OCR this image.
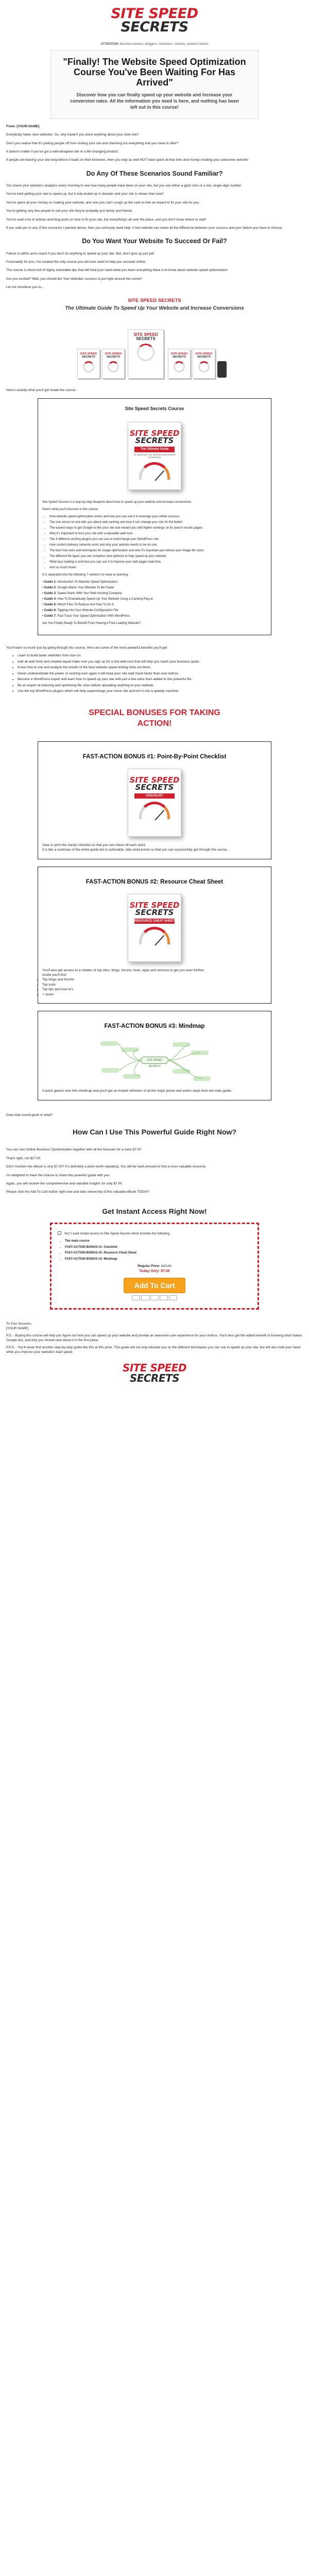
SITE SPEED
SECRETS
ATTENTION: Business owners, bloggers, marketers, coaches, product owners
"Finally! The Website Speed Optimization Course You've Been Waiting For Has Arrived"

Discover how you can finally speed up your website and increase your conversion rates. All the information you need is here, and nothing has been left out in this course!

From: [YOUR NAME]

Everybody hates slow websites. So, why haven't you done anything about your slow site?

Don't you realize that it's putting people off from visiting your site and checking out everything that you have to offer?

It doesn't matter if you've got a well-designed site or a life-changing product.

If people are leaving your site long before it loads on their browsers, then you may as well NOT have spent all that time and money creating your awesome website!

Do Any Of These Scenarios Sound Familiar?

You check your website's analytics every morning to see how many people have been on your site, but you see either a giant zero or a low, single-digit number.

You've tried getting your site to speed up, but it only ended up in disaster and your site is slower than ever!

You've spent all your money on making your website, and now you can't cough up the cash to hire an expert to fix your site for you.

You're getting very few people to sell your site they're probably just family and friends.

You've read a lot of articles and blog posts on how to fix your site, but everything's all over the place, and you don't know where to start!

If you said yes to any of the scenarios I painted above, then you seriously need help. A fast website can mean all the difference between your success and your failure you have to choose.

Do You Want Your Website To Succeed Or Fail?

Failure is within arms reach if you don't do anything to speed up your site. But, don't give up just yet!

Fortunately for you, I've created the only course you will ever need to help you succeed online.

The course is chock-full of highly actionable tips that will hold your hand while you learn everything there is to know about website speed optimization!

Are you excited? Well, you should be! Your websites success is just right around the corner!

Let me introduce you to...

SITE SPEED SECRETS
The Ultimate Guide To Speed Up Your Website and Increase Conversions
SITE SPEED
SECRETS
SITE SPEED
SECRETS
SITE SPEED
SECRETS
SITE SPEED
SECRETS
SITE SPEED
SECRETS

Here's exactly what you'll get inside the course:

Site Speed Secrets Course
SITE SPEED
SECRETS
The Ultimate Guide
To Speed Up Your Website and Increase Conversions

Site Speed Secrets is a step-by-step blueprint about how to speed up your website and increase conversions.

Here's what you'll discover in this course:

• How website speed optimization works and how you can use it to leverage your online success.
• The one secret no one tells you about web caching and how it can change your site for the better!
• The easiest ways to get Google to like your site and reward you with higher rankings on its search results pages.
• Why it's important to host your site with a reputable web host.
• The 4 different caching plugins you can use to turbocharge your WordPress site.
• How content delivery networks work and why your website needs to be on one.
• The best free tools and techniques for image optimization and why it's important you reduce your image file sizes.
• The different file types you can compress and optimize to help speed up your website.
• What lazy loading is and how you can use it to improve your web pages load time.
• And so much more!

It is separated into the following 7 sections for ease or learning:

• Guide 1: Introduction To Website Speed Optimization
• Guide 2: Google Wants Your Website To Be Faster
• Guide 3: Speed Starts With Your Web Hosting Company
• Guide 4: How To Dramatically Speed Up Your Website Using a Caching Plug-in
• Guide 5: Which Files To Reduce And How To Do It
• Guide 6: Tapping Into Your Website Configuration File
• Guide 7: Fast Track Your Speed Optimization With WordPress

Are You Finally Ready To Benefit From Having A Fast Loading Website?

You'll learn so much just by going through this course. Here are some of the most powerful benefits you'll get:

• Learn to build faster websites from now on.
• Add all web fonts and created equal make sure you sign up for a fast web host that will help you reach your business goals.
• Know how to use and analyze the results of the best website speed testing tools out there.
• Never underestimate the power of caching ever again it will keep your site load much faster than ever before.
• Become a WordPress expert and learn how to speed up your site with just a few extra lines added to this powerful file.
• Be an expert at reducing and optimizing file sizes before uploading anything to your website.
• Use the top WordPress plugins which will help supercharge your clone site and turn it into a speedy machine.
SPECIAL BONUSES FOR TAKING ACTION!
FAST-ACTION BONUS #1: Point-By-Point Checklist
SITE SPEED
SECRETS
CHECKLIST

View or print this handy checklist so that you can check off each point.

It is like a summary of the entire guide but in actionable, bite-sized points so that you can successfully get through the course.

FAST-ACTION BONUS #2: Resource Cheat Sheet
SITE SPEED
SECRETS
RESOURCE CHEAT SHEET

You'll also get access to a rolodex of top sites, blogs, forums, tools, apps and services to get you even further.

Inside you'll find:

• Top blogs and forums
• Top tools
• Top tips and how to's
• + more!
FAST-ACTION BONUS #3: Mindmap
SITE SPEED SECRETS

A quick glance over this mindmap and you'll get an instant refresher of all the major points and action steps from the main guide.

Does that sound good or what?

How Can I Use This Powerful Guide Right Now?

You can own Online Business Systemization together with all the bonuses for a mere $7.00

That's right, not $27.00

Don't mention the eBook is only $7.00? It's definitely a point worth repeating. You will be hard pressed to find a more valuable resource.

I'm delighted to have the chance to share this powerful guide with you.

Again, you will receive the comprehensive and valuable insights for only $7.00

Please click the Add To Cart button right now and take ownership of this valuable eBook TODAY!

Get Instant Access Right Now!
Yes! I want instant access to Site Speed Secrets which includes the following:
• The main course
• FAST-ACTION BONUS #1: Checklist
• FAST-ACTION BONUS #2: Resource Cheat Sheet
• FAST-ACTION BONUS #3: Mindmap
Regular Price: $27.00
Today Only: $7.00
Add To Cart
To Your Success,
[YOUR NAME]
P.S. - Buying this course will help you figure out how you can speed up your website and provide an awesome user experience for your visitors. You'll also get the added benefit of knowing what makes Google tick, and why you should care about it in the first place.
P.P.S. - You'll never find another step-by-step guide like this at this price. This guide will not only educate you on the different techniques you can use to speed up your site, but will also hold your hand while you improve your website's load speed.
SITE SPEED
SECRETS
